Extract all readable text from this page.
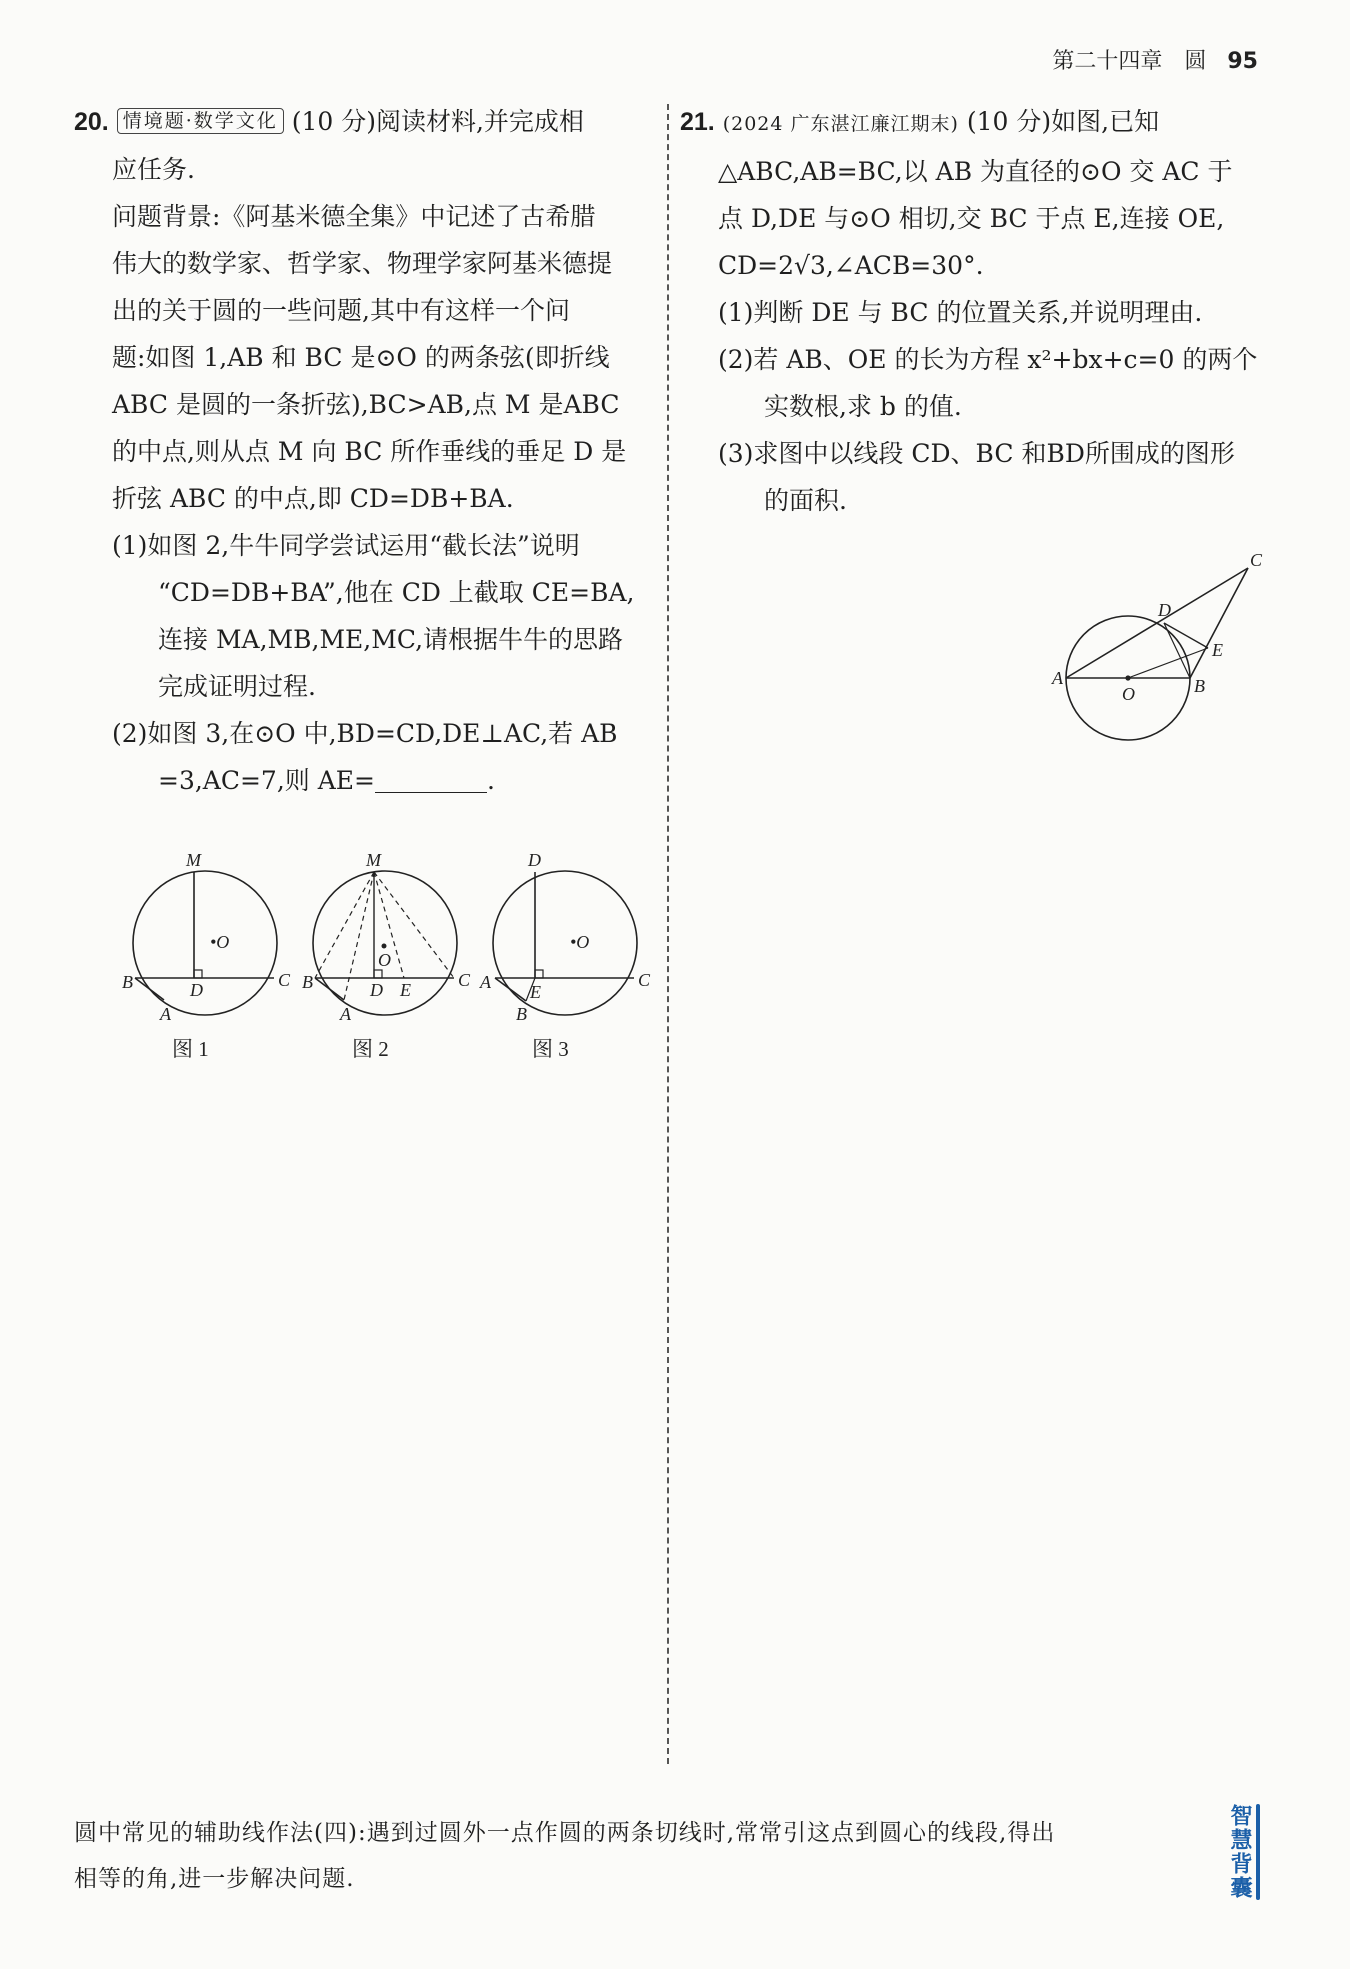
第二十四章　圆 95
20. 情境题·数学文化 (10 分)阅读材料,并完成相
应任务.
问题背景:《阿基米德全集》中记述了古希腊
伟大的数学家、哲学家、物理学家阿基米德提
出的关于圆的一些问题,其中有这样一个问
题:如图 1,AB 和 BC 是⊙O 的两条弦(即折线
ABC 是圆的一条折弦),BC>AB,点 M 是ABC
的中点,则从点 M 向 BC 所作垂线的垂足 D 是
折弦 ABC 的中点,即 CD=DB+BA.
(1)如图 2,牛牛同学尝试运用“截长法”说明
“CD=DB+BA”,他在 CD 上截取 CE=BA,
连接 MA,MB,ME,MC,请根据牛牛的思路
完成证明过程.
(2)如图 3,在⊙O 中,BD=CD,DE⊥AC,若 AB
=3,AC=7,则 AE=	.
M
•O
B	D	C
A
图 1
M
O
B	D E	C
A
图 2
D
•O
A E
C
B
图 3
21. (2024 广东湛江廉江期末) (10 分)如图,已知
△ABC,AB=BC,以 AB 为直径的⊙O 交 AC 于
点 D,DE 与⊙O 相切,交 BC 于点 E,连接 OE,
CD=2√3,∠ACB=30°.
(1)判断 DE 与 BC 的位置关系,并说明理由.
(2)若 AB、OE 的长为方程 x²+bx+c=0 的两个
实数根,求 b 的值.
(3)求图中以线段 CD、BC 和BD所围成的图形
的面积.
C
D
E
A
O	B
圆中常见的辅助线作法(四):遇到过圆外一点作圆的两条切线时,常常引这点到圆心的线段,得出
相等的角,进一步解决问题.	智慧背囊
